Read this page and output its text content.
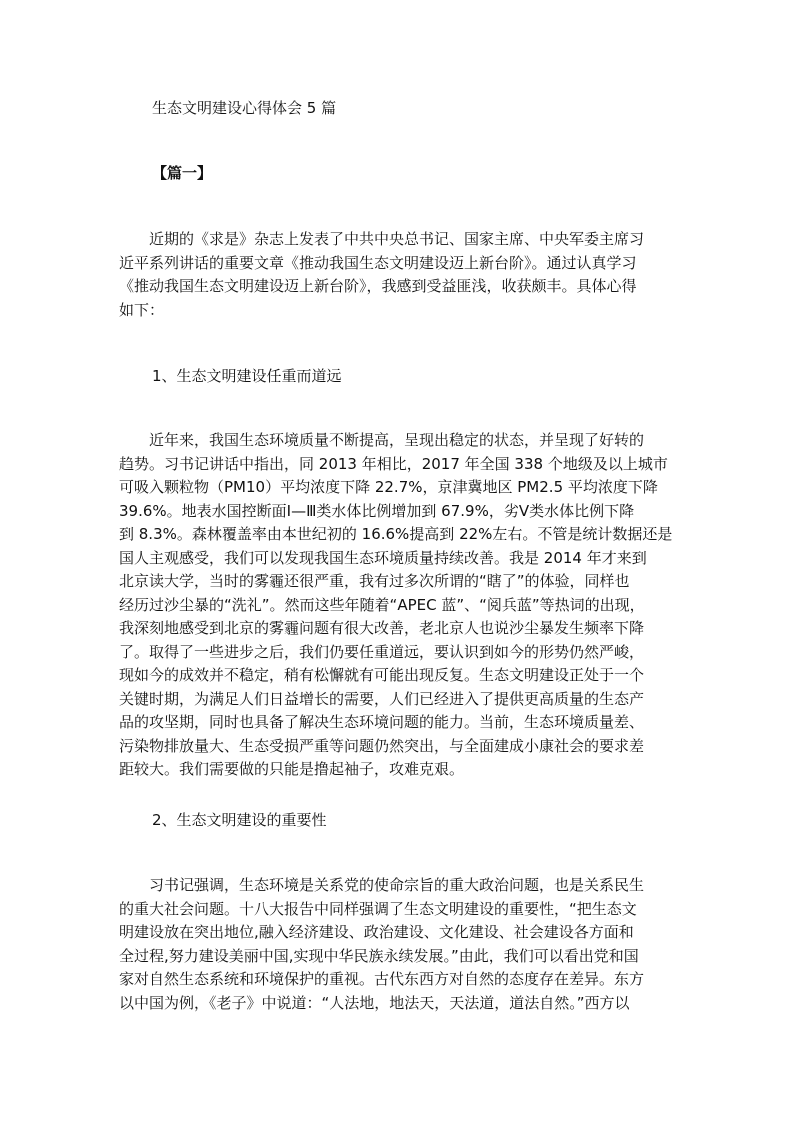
生态文明建设心得体会 5 篇
【篇一】
　　近期的《求是》杂志上发表了中共中央总书记、国家主席、中央军委主席习
近平系列讲话的重要文章《推动我国生态文明建设迈上新台阶》。通过认真学习
《推动我国生态文明建设迈上新台阶》，我感到受益匪浅，收获颇丰。具体心得
如下：
1、生态文明建设任重而道远
　　近年来，我国生态环境质量不断提高，呈现出稳定的状态，并呈现了好转的
趋势。习书记讲话中指出，同 2013 年相比，2017 年全国 338 个地级及以上城市
可吸入颗粒物（PM10）平均浓度下降 22.7%，京津冀地区 PM2.5 平均浓度下降
39.6%。地表水国控断面Ⅰ—Ⅲ类水体比例增加到 67.9%，劣Ⅴ类水体比例下降
到 8.3%。森林覆盖率由本世纪初的 16.6%提高到 22%左右。不管是统计数据还是
国人主观感受，我们可以发现我国生态环境质量持续改善。我是 2014 年才来到
北京读大学，当时的雾霾还很严重，我有过多次所谓的“瞎了”的体验，同样也
经历过沙尘暴的“洗礼”。然而这些年随着“APEC 蓝”、“阅兵蓝”等热词的出现，
我深刻地感受到北京的雾霾问题有很大改善，老北京人也说沙尘暴发生频率下降
了。取得了一些进步之后，我们仍要任重道远，要认识到如今的形势仍然严峻，
现如今的成效并不稳定，稍有松懈就有可能出现反复。生态文明建设正处于一个
关键时期，为满足人们日益增长的需要，人们已经进入了提供更高质量的生态产
品的攻坚期，同时也具备了解决生态环境问题的能力。当前，生态环境质量差、
污染物排放量大、生态受损严重等问题仍然突出，与全面建成小康社会的要求差
距较大。我们需要做的只能是撸起袖子，攻难克艰。
2、生态文明建设的重要性
　　习书记强调，生态环境是关系党的使命宗旨的重大政治问题，也是关系民生
的重大社会问题。十八大报告中同样强调了生态文明建设的重要性，“把生态文
明建设放在突出地位,融入经济建设、政治建设、文化建设、社会建设各方面和
全过程,努力建设美丽中国,实现中华民族永续发展。”由此，我们可以看出党和国
家对自然生态系统和环境保护的重视。古代东西方对自然的态度存在差异。东方
以中国为例，《老子》中说道：“人法地，地法天，天法道，道法自然。”西方以
